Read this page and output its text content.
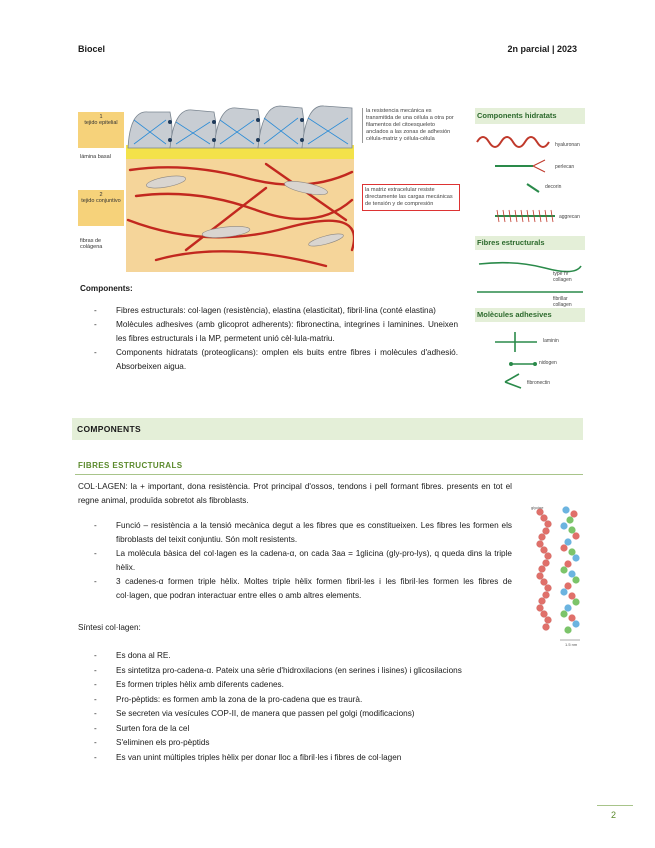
Biocel	2n parcial | 2023
1
tejido epitelial
lámina basal
2
tejido conjuntivo
fibras de colágena
la resistencia mecánica es transmitida de una célula a otra por filamentos del citoesqueleto anclados a las zonas de adhesión célula-matriz y célula-célula
la matriz extracelular resiste directamente las cargas mecánicas de tensión y de compresión
Components hidratats
hyaluronan
perlecan
decorin
aggrecan
Fibres estructurals
type IV collagen
fibrillar collagen
Molècules adhesives
laminin
nidogen
fibronectin
Components:
- Fibres estructurals: col·lagen (resistència), elastina (elasticitat), fibril·lina (conté elastina)
- Molècules adhesives (amb glicoprot adherents): fibronectina, integrines i laminines. Uneixen les fibres estructurals i la MP, permetent unió cèl·lula-matriu.
- Components hidratats (proteoglicans): omplen els buits entre fibres i molècules d'adhesió. Absorbeixen aigua.
COMPONENTS
FIBRES ESTRUCTURALS
COL·LAGEN: la + important, dona resistència. Prot principal d'ossos, tendons i pell formant fibres. presents en tot el regne animal, produïda sobretot als fibroblasts.
- Funció – resistència a la tensió mecànica degut a les fibres que es constitueixen. Les fibres les formen els fibroblasts del teixit conjuntiu. Són molt resistents.
- La molècula bàsica del col·lagen es la cadena-α, on cada 3aa = 1glicina (gly-pro-lys), q queda dins la triple hèlix.
- 3 cadenes-α formen triple hèlix. Moltes triple hèlix formen fibril·les i les fibril·les formen les fibres de col·lagen, que podran interactuar entre elles o amb altres elements.
glycine
1.5 nm
Síntesi col·lagen:
- Es dona al RE.
- Es sintetitza pro-cadena-α. Pateix una sèrie d'hidroxilacions (en serines i lisines) i glicosilacions
- Es formen triples hèlix amb diferents cadenes.
- Pro-pèptids: es formen amb la zona de la pro-cadena que es traurà.
- Se secreten via vesícules COP-II, de manera que passen pel golgi (modificacions)
- Surten fora de la cel
- S'eliminen els pro-pèptids
- Es van unint múltiples triples hèlix per donar lloc a fibril·les i fibres de col·lagen
2
